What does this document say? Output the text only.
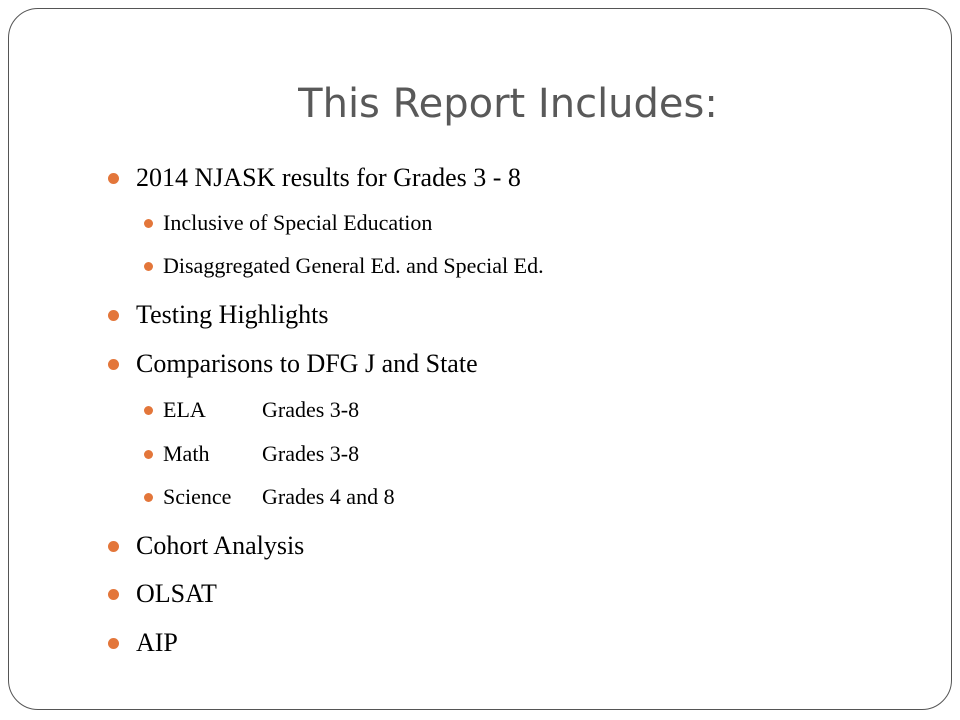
This Report Includes:
2014 NJASK results for Grades 3 - 8
Inclusive of Special Education
Disaggregated General Ed. and Special Ed.
Testing Highlights
Comparisons to DFG J and State
ELA	Grades 3-8
Math Grades 3-8
Science Grades 4 and 8
Cohort Analysis
OLSAT
AIP
